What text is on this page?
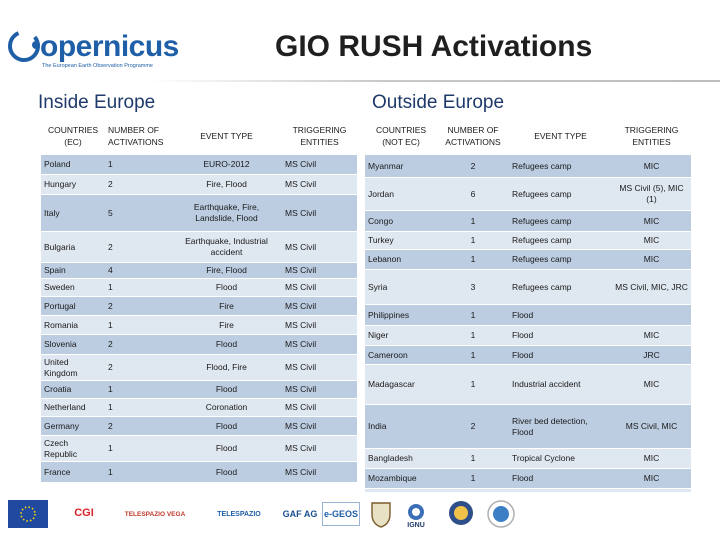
opernicus
The European Earth Observation Programme
GIO RUSH Activations
Inside Europe	Outside Europe
COUNTRIES (EC)	NUMBER OF ACTIVATIONS	EVENT TYPE	TRIGGERING ENTITIES
Poland	1	EURO-2012	MS Civil
Hungary	2	Fire, Flood	MS Civil
Italy	5	Earthquake, Fire, Landslide, Flood	MS Civil
Bulgaria	2	Earthquake, Industrial accident	MS Civil
Spain	4	Fire, Flood	MS Civil
Sweden	1	Flood	MS Civil
Portugal	2	Fire	MS Civil
Romania	1	Fire	MS Civil
Slovenia	2	Flood	MS Civil
United Kingdom	2	Flood, Fire	MS Civil
Croatia	1	Flood	MS Civil
Netherland	1	Coronation	MS Civil
Germany	2	Flood	MS Civil
Czech Republic	1	Flood	MS Civil
France	1	Flood	MS Civil
COUNTRIES (NOT EC)	NUMBER OF ACTIVATIONS	EVENT TYPE	TRIGGERING ENTITIES
Myanmar	2	Refugees camp	MIC
Jordan	6	Refugees camp	MS Civil (5), MIC (1)
Congo	1	Refugees camp	MIC
Turkey	1	Refugees camp	MIC
Lebanon	1	Refugees camp	MIC
Syria	3	Refugees camp	MS Civil, MIC, JRC
Philippines	1	Flood	
Niger	1	Flood	MIC
Cameroon	1	Flood	JRC
Madagascar	1	Industrial accident	MIC
India	2	River bed detection, Flood	MS Civil, MIC
Bangladesh	1	Tropical Cyclone	MIC
Mozambique	1	Flood	MIC

CGI	TELESPAZIO VEGA	TELESPAZIO GAF AG e-GEOS
IGNU
